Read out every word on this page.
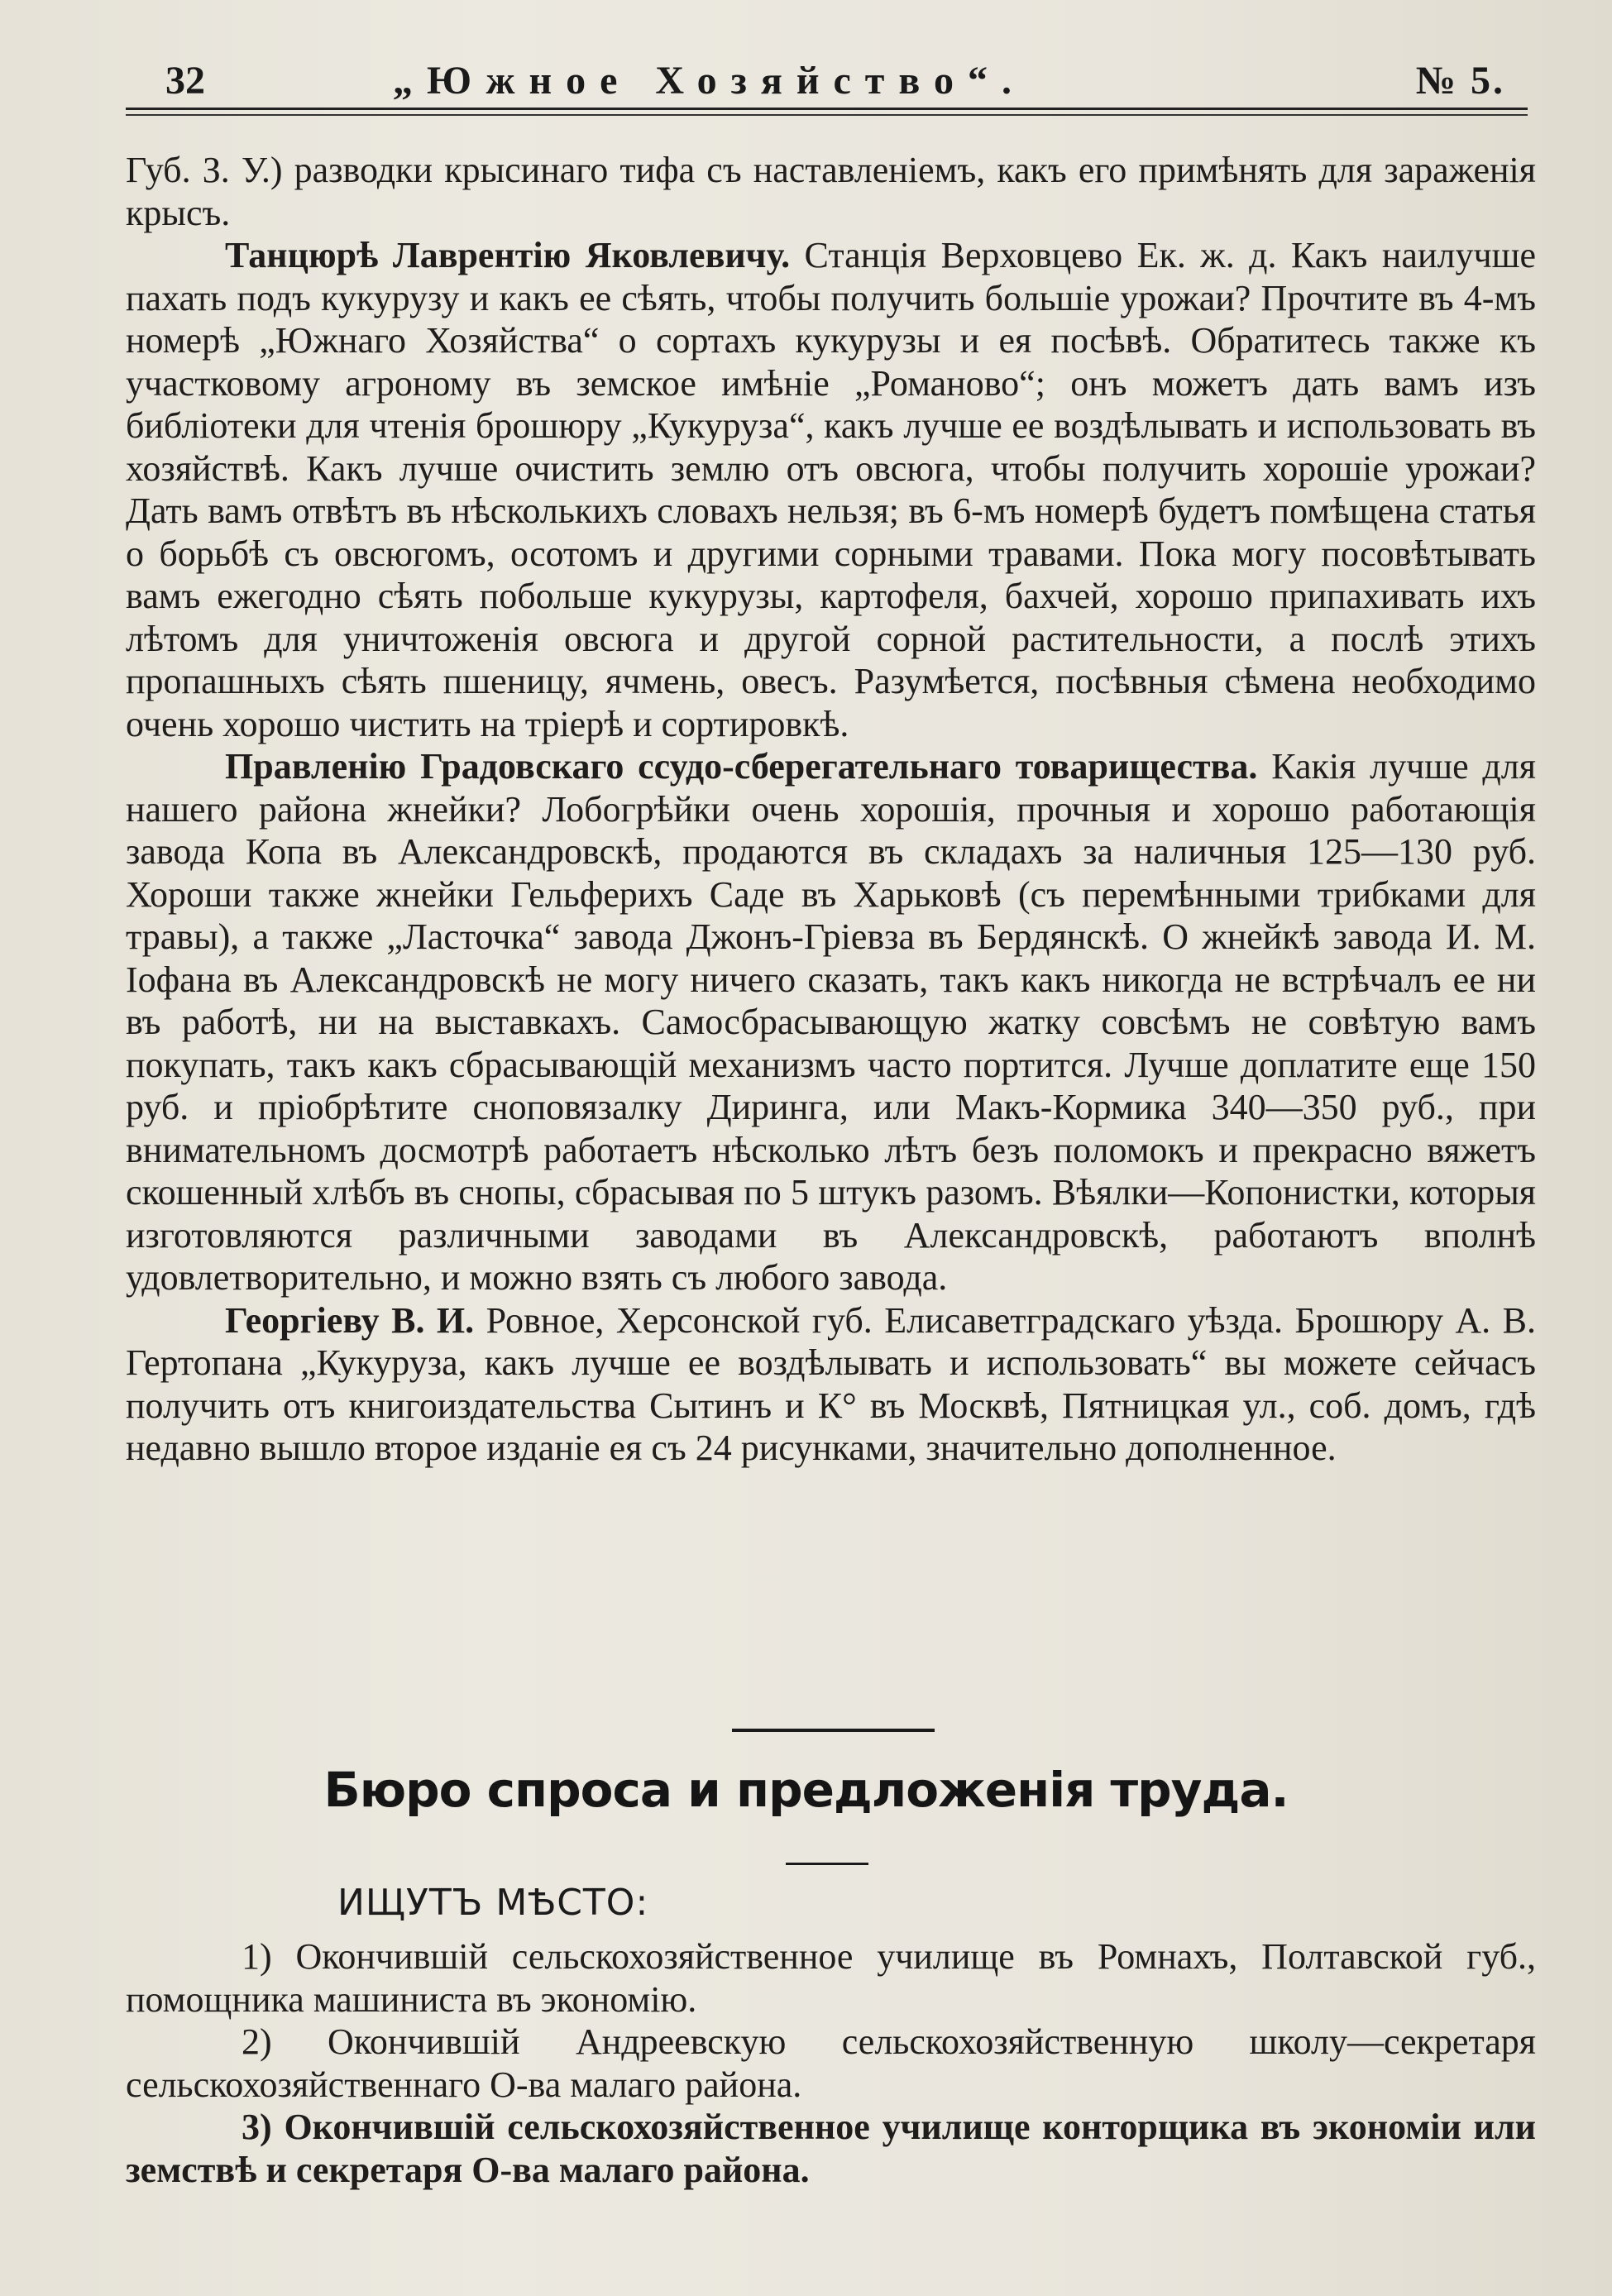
32	„Южное Хозяйство“.	№ 5.

Губ. З. У.) разводки крысинаго тифа съ наставленіемъ, какъ его примѣнять для зараженія крысъ.

Танцюрѣ Лаврентію Яковлевичу. Станція Верховцево Ек. ж. д. Какъ наилучше пахать подъ кукурузу и какъ ее сѣять, чтобы получить большіе урожаи? Прочтите въ 4-мъ номерѣ „Южнаго Хозяйства“ о сортахъ кукурузы и ея посѣвѣ. Обратитесь также къ участковому агроному въ земское имѣніе „Романово“; онъ можетъ дать вамъ изъ библіотеки для чтенія брошюру „Кукуруза“, какъ лучше ее воздѣлывать и использовать въ хозяйствѣ. Какъ лучше очистить землю отъ овсюга, чтобы получить хорошіе урожаи? Дать вамъ отвѣтъ въ нѣсколькихъ словахъ нельзя; въ 6-мъ номерѣ будетъ помѣщена статья о борьбѣ съ овсюгомъ, осотомъ и другими сорными травами. Пока могу посовѣтывать вамъ ежегодно сѣять побольше кукурузы, картофеля, бахчей, хорошо припахивать ихъ лѣтомъ для уничтоженія овсюга и другой сорной растительности, а послѣ этихъ пропашныхъ сѣять пшеницу, ячмень, овесъ. Разумѣется, посѣвныя сѣмена необходимо очень хорошо чистить на тріерѣ и сортировкѣ.

Правленію Градовскаго ссудо-сберегательнаго товарищества. Какія лучше для нашего района жнейки? Лобогрѣйки очень хорошія, прочныя и хорошо работающія завода Копа въ Александровскѣ, продаются въ складахъ за наличныя 125—130 руб. Хороши также жнейки Гельферихъ Саде въ Харьковѣ (съ перемѣнными трибками для травы), а также „Ласточка“ завода Джонъ-Гріевза въ Бердянскѣ. О жнейкѣ завода И. М. Іофана въ Александровскѣ не могу ничего сказать, такъ какъ никогда не встрѣчалъ ее ни въ работѣ, ни на выставкахъ. Самосбрасывающую жатку совсѣмъ не совѣтую вамъ покупать, такъ какъ сбрасывающій механизмъ часто портится. Лучше доплатите еще 150 руб. и пріобрѣтите сноповязалку Диринга, или Макъ-Кормика 340—350 руб., при внимательномъ досмотрѣ работаетъ нѣсколько лѣтъ безъ поломокъ и прекрасно вяжетъ скошенный хлѣбъ въ снопы, сбрасывая по 5 штукъ разомъ. Вѣялки—Копонистки, которыя изготовляются различными заводами въ Александровскѣ, работаютъ вполнѣ удовлетворительно, и можно взять съ любого завода.

Георгіеву В. И. Ровное, Херсонской губ. Елисаветградскаго уѣзда. Брошюру А. В. Гертопана „Кукуруза, какъ лучше ее воздѣлывать и использовать“ вы можете сейчасъ получить отъ книгоиздательства Сытинъ и К° въ Москвѣ, Пятницкая ул., соб. домъ, гдѣ недавно вышло второе изданіе ея съ 24 рисунками, значительно дополненное.

Бюро спроса и предложенія труда.
ИЩУТЪ МѢСТО:

1) Окончившій сельскохозяйственное училище въ Ромнахъ, Полтавской губ., помощника машиниста въ экономію.

2) Окончившій Андреевскую сельскохозяйственную школу—секретаря сельскохозяйственнаго О-ва малаго района.

3) Окончившій сельскохозяйственное училище конторщика въ экономіи или земствѣ и секретаря О-ва малаго района.
